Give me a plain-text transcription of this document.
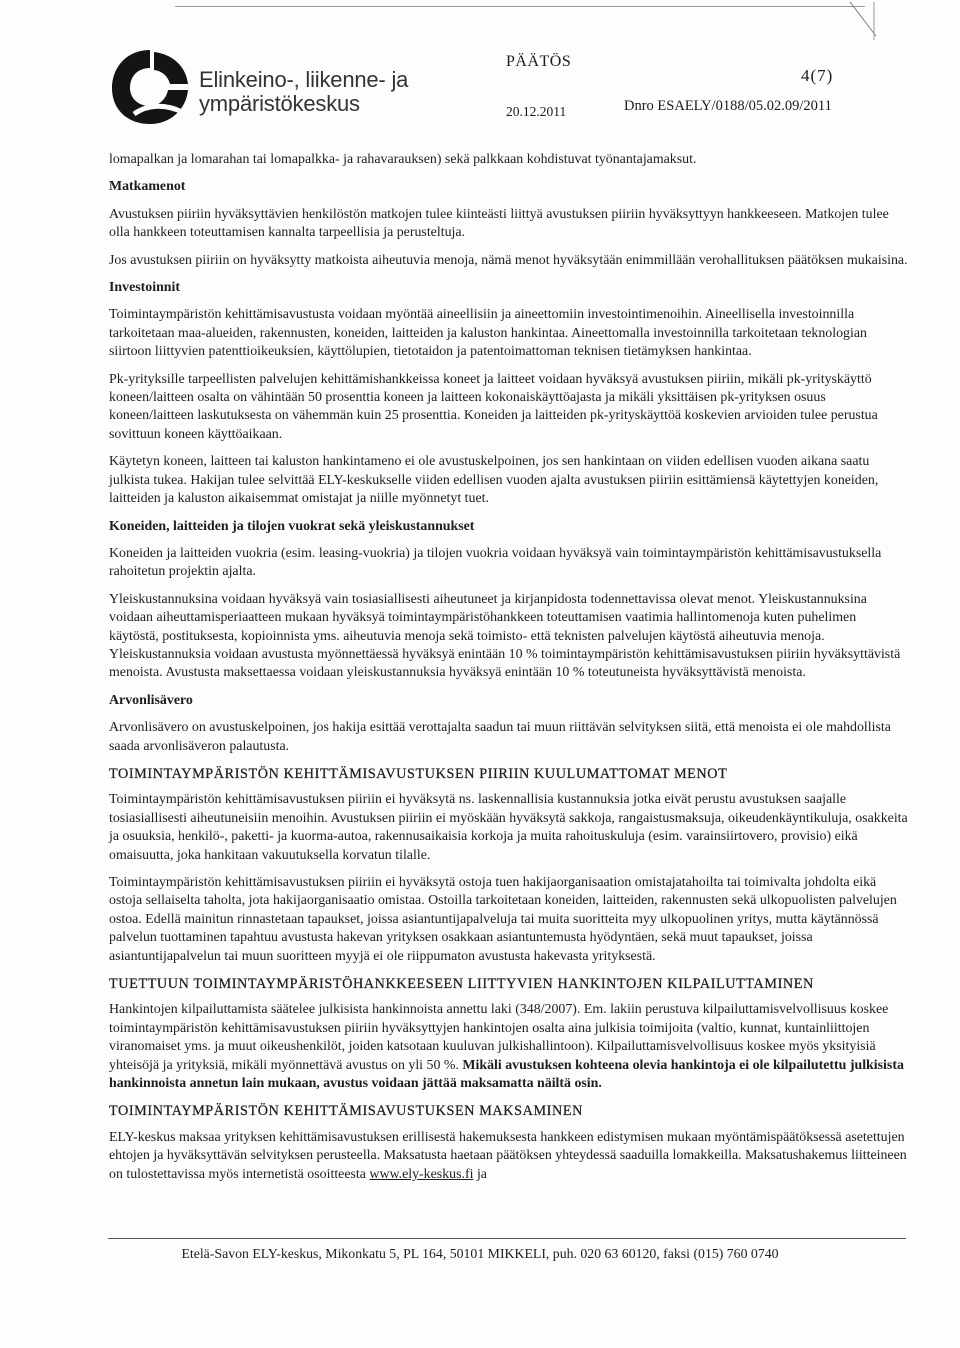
Elinkeino-, liikenne- ja
ympäristökeskus
PÄÄTÖS
20.12.2011
4(7)
Dnro ESAELY/0188/05.02.09/2011

lomapalkan ja lomarahan tai lomapalkka- ja rahavarauksen) sekä palkkaan kohdistuvat työnantajamaksut.

Matkamenot

Avustuksen piiriin hyväksyttävien henkilöstön matkojen tulee kiinteästi liittyä avustuksen piiriin hyväksyttyyn hankkeeseen. Matkojen tulee olla hankkeen toteuttamisen kannalta tarpeellisia ja perusteltuja.

Jos avustuksen piiriin on hyväksytty matkoista aiheutuvia menoja, nämä menot hyväksytään enimmillään verohallituksen päätöksen mukaisina.

Investoinnit

Toimintaympäristön kehittämisavustusta voidaan myöntää aineellisiin ja aineettomiin investointimenoihin. Aineellisella investoinnilla tarkoitetaan maa-alueiden, rakennusten, koneiden, laitteiden ja kaluston hankintaa. Aineettomalla investoinnilla tarkoitetaan teknologian siirtoon liittyvien patenttioikeuksien, käyttölupien, tietotaidon ja patentoimattoman teknisen tietämyksen hankintaa.

Pk-yrityksille tarpeellisten palvelujen kehittämishankkeissa koneet ja laitteet voidaan hyväksyä avustuksen piiriin, mikäli pk-yrityskäyttö koneen/laitteen osalta on vähintään 50 prosenttia koneen ja laitteen kokonaiskäyttöajasta ja mikäli yksittäisen pk-yrityksen osuus koneen/laitteen laskutuksesta on vähemmän kuin 25 prosenttia. Koneiden ja laitteiden pk-yrityskäyttöä koskevien arvioiden tulee perustua sovittuun koneen käyttöaikaan.

Käytetyn koneen, laitteen tai kaluston hankintameno ei ole avustuskelpoinen, jos sen hankintaan on viiden edellisen vuoden aikana saatu julkista tukea. Hakijan tulee selvittää ELY-keskukselle viiden edellisen vuoden ajalta avustuksen piiriin esittämiensä käytettyjen koneiden, laitteiden ja kaluston aikaisemmat omistajat ja niille myönnetyt tuet.

Koneiden, laitteiden ja tilojen vuokrat sekä yleiskustannukset

Koneiden ja laitteiden vuokria (esim. leasing-vuokria) ja tilojen vuokria voidaan hyväksyä vain toimintaympäristön kehittämisavustuksella rahoitetun projektin ajalta.

Yleiskustannuksina voidaan hyväksyä vain tosiasiallisesti aiheutuneet ja kirjanpidosta todennettavissa olevat menot. Yleiskustannuksina voidaan aiheuttamisperiaatteen mukaan hyväksyä toimintaympäristöhankkeen toteuttamisen vaatimia hallintomenoja kuten puhelimen käytöstä, postituksesta, kopioinnista yms. aiheutuvia menoja sekä toimisto- että teknisten palvelujen käytöstä aiheutuvia menoja. Yleiskustannuksia voidaan avustusta myönnettäessä hyväksyä enintään 10 % toimintaympäristön kehittämisavustuksen piiriin hyväksyttävistä menoista. Avustusta maksettaessa voidaan yleiskustannuksia hyväksyä enintään 10 % toteutuneista hyväksyttävistä menoista.

Arvonlisävero

Arvonlisävero on avustuskelpoinen, jos hakija esittää verottajalta saadun tai muun riittävän selvityksen siitä, että menoista ei ole mahdollista saada arvonlisäveron palautusta.

TOIMINTAYMPÄRISTÖN KEHITTÄMISAVUSTUKSEN PIIRIIN KUULUMATTOMAT MENOT

Toimintaympäristön kehittämisavustuksen piiriin ei hyväksytä ns. laskennallisia kustannuksia jotka eivät perustu avustuksen saajalle tosiasiallisesti aiheutuneisiin menoihin. Avustuksen piiriin ei myöskään hyväksytä sakkoja, rangaistusmaksuja, oikeudenkäyntikuluja, osakkeita ja osuuksia, henkilö-, paketti- ja kuorma-autoa, rakennusaikaisia korkoja ja muita rahoituskuluja (esim. varainsiirtovero, provisio) eikä omaisuutta, joka hankitaan vakuutuksella korvatun tilalle.

Toimintaympäristön kehittämisavustuksen piiriin ei hyväksytä ostoja tuen hakijaorganisaation omistajatahoilta tai toimivalta johdolta eikä ostoja sellaiselta taholta, jota hakijaorganisaatio omistaa. Ostoilla tarkoitetaan koneiden, laitteiden, rakennusten sekä ulkopuolisten palvelujen ostoa. Edellä mainitun rinnastetaan tapaukset, joissa asiantuntijapalveluja tai muita suoritteita myy ulkopuolinen yritys, mutta käytännössä palvelun tuottaminen tapahtuu avustusta hakevan yrityksen osakkaan asiantuntemusta hyödyntäen, sekä muut tapaukset, joissa asiantuntijapalvelun tai muun suoritteen myyjä ei ole riippumaton avustusta hakevasta yrityksestä.

TUETTUUN TOIMINTAYMPÄRISTÖHANKKEESEEN LIITTYVIEN HANKINTOJEN KILPAILUTTAMINEN

Hankintojen kilpailuttamista säätelee julkisista hankinnoista annettu laki (348/2007). Em. lakiin perustuva kilpailuttamisvelvollisuus koskee toimintaympäristön kehittämisavustuksen piiriin hyväksyttyjen hankintojen osalta aina julkisia toimijoita (valtio, kunnat, kuntainliittojen viranomaiset yms. ja muut oikeushenkilöt, joiden katsotaan kuuluvan julkishallintoon). Kilpailuttamisvelvollisuus koskee myös yksityisiä yhteisöjä ja yrityksiä, mikäli myönnettävä avustus on yli 50 %. Mikäli avustuksen kohteena olevia hankintoja ei ole kilpailutettu julkisista hankinnoista annetun lain mukaan, avustus voidaan jättää maksamatta näiltä osin.

TOIMINTAYMPÄRISTÖN KEHITTÄMISAVUSTUKSEN MAKSAMINEN

ELY-keskus maksaa yrityksen kehittämisavustuksen erillisestä hakemuksesta hankkeen edistymisen mukaan myöntämispäätöksessä asetettujen ehtojen ja hyväksyttävän selvityksen perusteella. Maksatusta haetaan päätöksen yhteydessä saaduilla lomakkeilla. Maksatushakemus liitteineen on tulostettavissa myös internetistä osoitteesta www.ely-keskus.fi ja

Etelä-Savon ELY-keskus, Mikonkatu 5, PL 164, 50101 MIKKELI, puh. 020 63 60120, faksi (015) 760 0740
